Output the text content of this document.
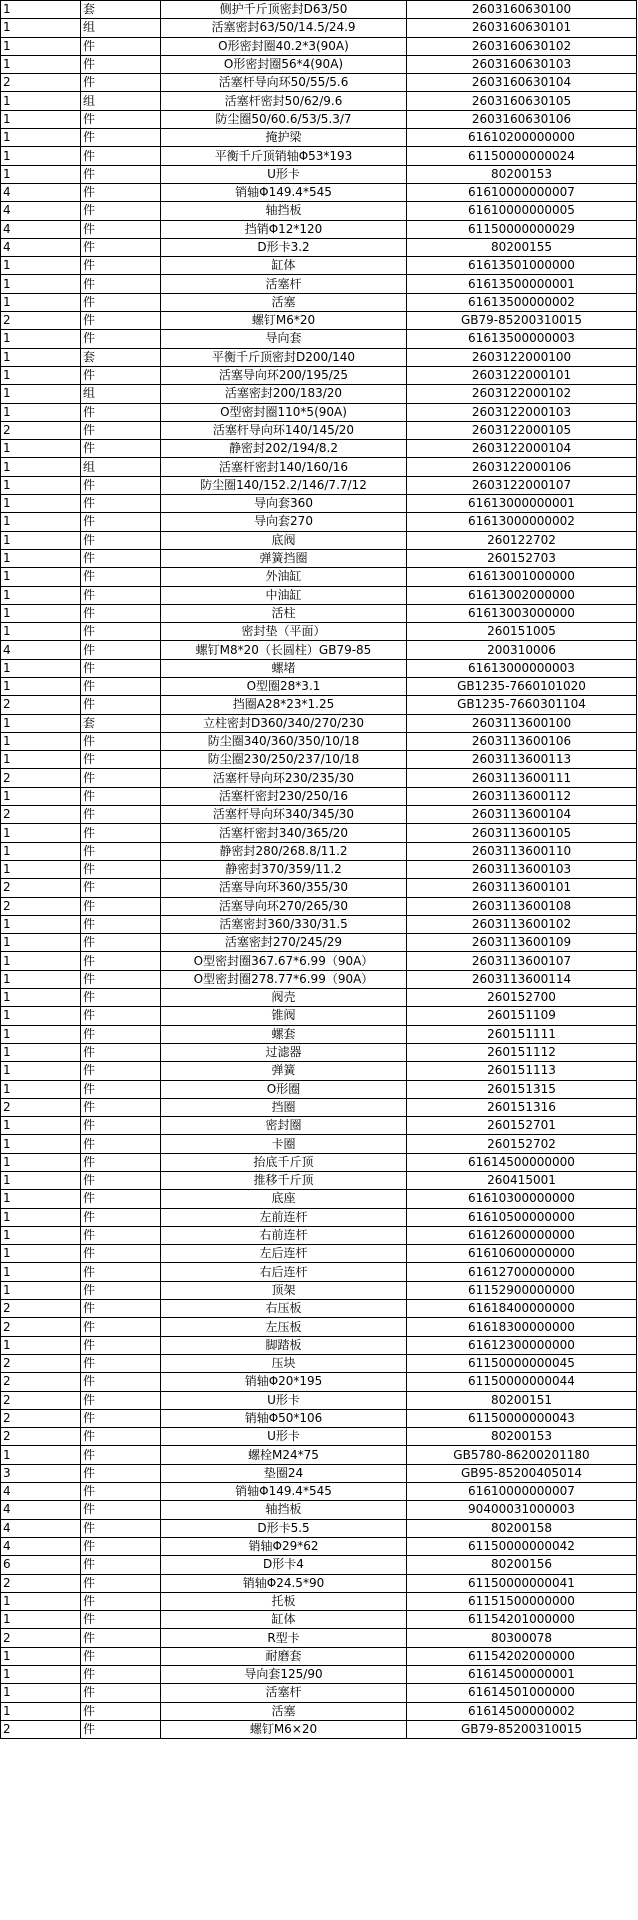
1	套	侧护千斤顶密封D63/50	2603160630100
1	组	活塞密封63/50/14.5/24.9	2603160630101
1	件	O形密封圈40.2*3(90A)	2603160630102
1	件	O形密封圈56*4(90A)	2603160630103
2	件	活塞杆导向环50/55/5.6	2603160630104
1	组	活塞杆密封50/62/9.6	2603160630105
1	件	防尘圈50/60.6/53/5.3/7	2603160630106
1	件	掩护梁	61610200000000
1	件	平衡千斤顶销轴Φ53*193	61150000000024
1	件	U形卡	80200153
4	件	销轴Φ149.4*545	61610000000007
4	件	轴挡板	61610000000005
4	件	挡销Φ12*120	61150000000029
4	件	D形卡3.2	80200155
1	件	缸体	61613501000000
1	件	活塞杆	61613500000001
1	件	活塞	61613500000002
2	件	螺钉M6*20	GB79-85200310015
1	件	导向套	61613500000003
1	套	平衡千斤顶密封D200/140	2603122000100
1	件	活塞导向环200/195/25	2603122000101
1	组	活塞密封200/183/20	2603122000102
1	件	O型密封圈110*5(90A)	2603122000103
2	件	活塞杆导向环140/145/20	2603122000105
1	件	静密封202/194/8.2	2603122000104
1	组	活塞杆密封140/160/16	2603122000106
1	件	防尘圈140/152.2/146/7.7/12	2603122000107
1	件	导向套360	61613000000001
1	件	导向套270	61613000000002
1	件	底阀	260122702
1	件	弹簧挡圈	260152703
1	件	外油缸	61613001000000
1	件	中油缸	61613002000000
1	件	活柱	61613003000000
1	件	密封垫（平面）	260151005
4	件	螺钉M8*20（长圆柱）GB79-85	200310006
1	件	螺堵	61613000000003
1	件	O型圈28*3.1	GB1235-7660101020
2	件	挡圈A28*23*1.25	GB1235-7660301104
1	套	立柱密封D360/340/270/230	2603113600100
1	件	防尘圈340/360/350/10/18	2603113600106
1	件	防尘圈230/250/237/10/18	2603113600113
2	件	活塞杆导向环230/235/30	2603113600111
1	件	活塞杆密封230/250/16	2603113600112
2	件	活塞杆导向环340/345/30	2603113600104
1	件	活塞杆密封340/365/20	2603113600105
1	件	静密封280/268.8/11.2	2603113600110
1	件	静密封370/359/11.2	2603113600103
2	件	活塞导向环360/355/30	2603113600101
2	件	活塞导向环270/265/30	2603113600108
1	件	活塞密封360/330/31.5	2603113600102
1	件	活塞密封270/245/29	2603113600109
1	件	O型密封圈367.67*6.99（90A）	2603113600107
1	件	O型密封圈278.77*6.99（90A）	2603113600114
1	件	阀壳	260152700
1	件	锥阀	260151109
1	件	螺套	260151111
1	件	过滤器	260151112
1	件	弹簧	260151113
1	件	O形圈	260151315
2	件	挡圈	260151316
1	件	密封圈	260152701
1	件	卡圈	260152702
1	件	抬底千斤顶	61614500000000
1	件	推移千斤顶	260415001
1	件	底座	61610300000000
1	件	左前连杆	61610500000000
1	件	右前连杆	61612600000000
1	件	左后连杆	61610600000000
1	件	右后连杆	61612700000000
1	件	顶架	61152900000000
2	件	右压板	61618400000000
2	件	左压板	61618300000000
1	件	脚踏板	61612300000000
2	件	压块	61150000000045
2	件	销轴Φ20*195	61150000000044
2	件	U形卡	80200151
2	件	销轴Φ50*106	61150000000043
2	件	U形卡	80200153
1	件	螺栓M24*75	GB5780-86200201180
3	件	垫圈24	GB95-85200405014
4	件	销轴Φ149.4*545	61610000000007
4	件	轴挡板	90400031000003
4	件	D形卡5.5	80200158
4	件	销轴Φ29*62	61150000000042
6	件	D形卡4	80200156
2	件	销轴Φ24.5*90	61150000000041
1	件	托板	61151500000000
1	件	缸体	61154201000000
2	件	R型卡	80300078
1	件	耐磨套	61154202000000
1	件	导向套125/90	61614500000001
1	件	活塞杆	61614501000000
1	件	活塞	61614500000002
2	件	螺钉M6×20	GB79-85200310015
